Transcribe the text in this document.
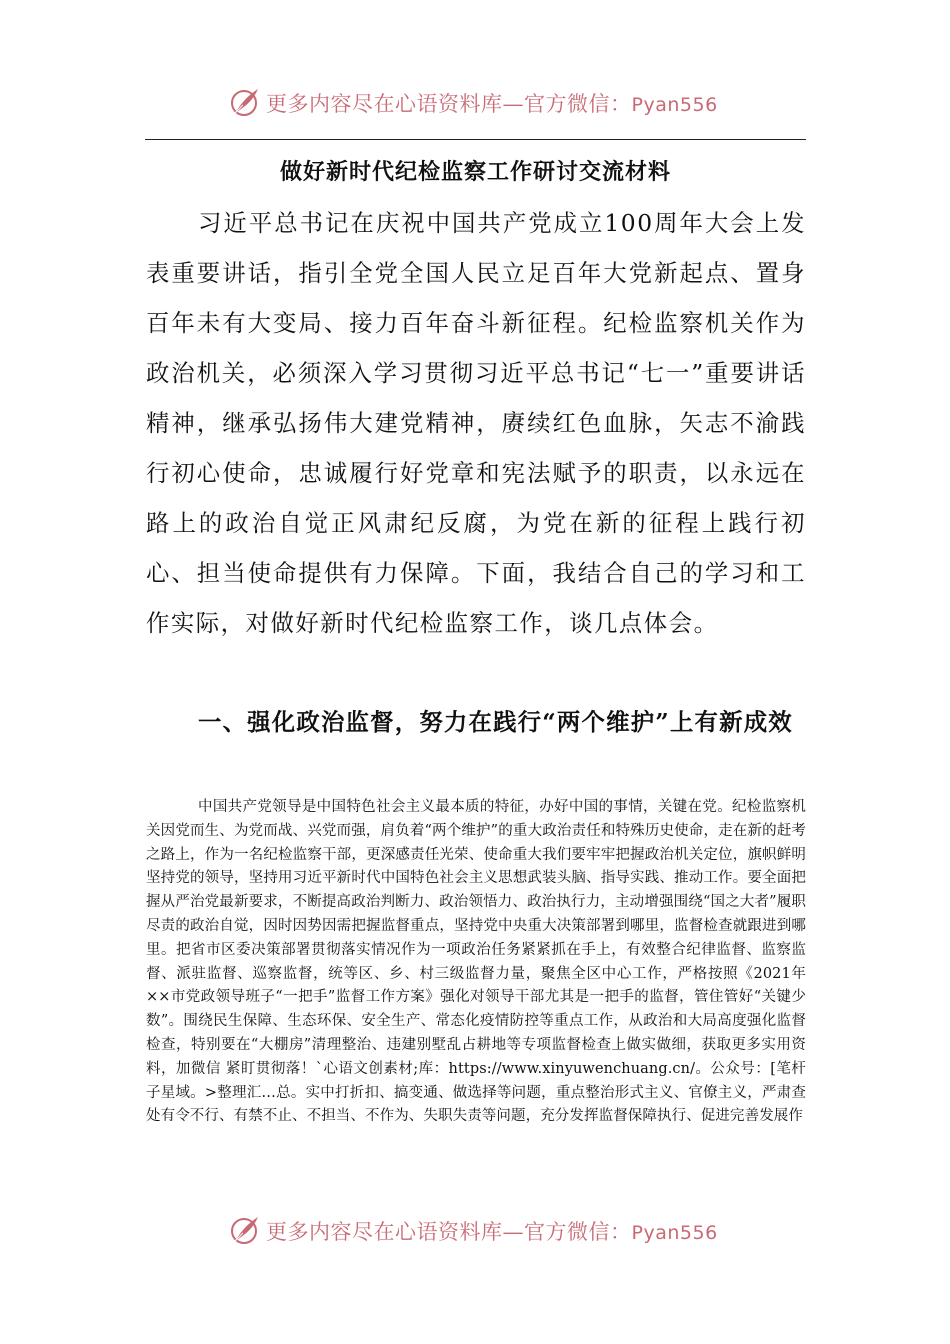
更多内容尽在心语资料库—官方微信：Pyan556
做好新时代纪检监察工作研讨交流材料

习近平总书记在庆祝中国共产党成立100周年大会上发表重要讲话，指引全党全国人民立足百年大党新起点、置身百年未有大变局、接力百年奋斗新征程。纪检监察机关作为政治机关，必须深入学习贯彻习近平总书记“七一”重要讲话精神，继承弘扬伟大建党精神，赓续红色血脉，矢志不渝践行初心使命，忠诚履行好党章和宪法赋予的职责，以永远在路上的政治自觉正风肃纪反腐，为党在新的征程上践行初心、担当使命提供有力保障。下面，我结合自己的学习和工作实际，对做好新时代纪检监察工作，谈几点体会。

一、强化政治监督，努力在践行“两个维护”上有新成效

中国共产党领导是中国特色社会主义最本质的特征，办好中国的事情，关键在党。纪检监察机关因党而生、为党而战、兴党而强，肩负着“两个维护”的重大政治责任和特殊历史使命，走在新的赶考之路上，作为一名纪检监察干部，更深感责任光荣、使命重大我们要牢牢把握政治机关定位，旗帜鲜明坚持党的领导，坚持用习近平新时代中国特色社会主义思想武装头脑、指导实践、推动工作。要全面把握从严治党最新要求，不断提高政治判断力、政治领悟力、政治执行力，主动增强围绕“国之大者”履职尽责的政治自觉，因时因势因需把握监督重点，坚持党中央重大决策部署到哪里，监督检查就跟进到哪里。把省市区委决策部署贯彻落实情况作为一项政治任务紧紧抓在手上，有效整合纪律监督、监察监督、派驻监督、巡察监督，统等区、乡、村三级监督力量，聚焦全区中心工作，严格按照《2021年××市党政领导班子“一把手”监督工作方案》强化对领导干部尤其是一把手的监督，管住管好“关键少数”。围绕民生保障、生态环保、安全生产、常态化疫情防控等重点工作，从政治和大局高度强化监督检查，特别要在“大棚房”清理整治、违建别墅乱占耕地等专项监督检查上做实做细，获取更多实用资料，加微信 紧盯贯彻落！`心语文创素材;库：https://www.xinyuwenchuang.cn/。公众号：[笔杆子星域。>整理汇…总。实中打折扣、搞变通、做选择等问题，重点整治形式主义、官僚主义，严肃查处有令不行、有禁不止、不担当、不作为、失职失责等问题，充分发挥监督保障执行、促进完善发展作

更多内容尽在心语资料库—官方微信：Pyan556
